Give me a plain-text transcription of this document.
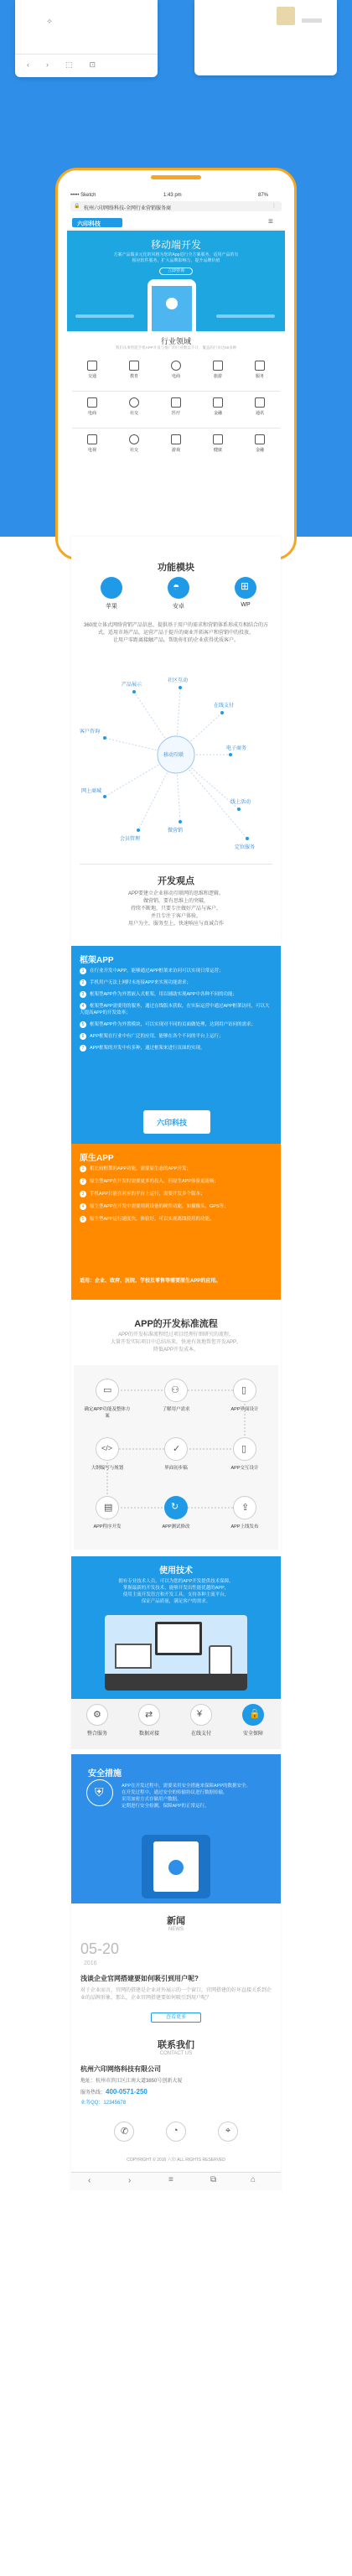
⟡
‹›⬚⊡
••••• Sketch	1:43 pm	87%
🔒 杭州六印网络科技-全网行业营销服务商	⋮
六印科技	≡
移动端开发
方案产品做多元化的风格为您的App进行全方案服务，适用产品的有
相应软件服务，扩大品牌影响力，提升品牌价值
立即咨询
行业领域
我们从事智能手机APP开发与推广的行业数以千计，覆盖的行业达50多种
交通	教育	电商	旅游	服务
电商	社交	医疗	金融	通讯
电视	社交	游戏	健康	金融
功能模块
苹果
◓
安卓
⊞
WP
360度立体式网络营销产品信息，提供基于用户的需求和营销体系形成互相结合的方式，适用市场产品，运营产品于提升的商业开拓客户和营销中的投放、
让用户零距离接触产品。帮助你们的企业获得优质客户。
产品展示
客户咨询
在线支付
移动互联
电子商务
网上商城
会员管理
微营销
线上活动
社区互动
定位服务
开发观点
APP要建立企业移动互联网的思维和逻辑。
做营销，要有思维上的突破，
持续不断地，只要专注做好产品与客户，
并且专注于客户体验，
用户为主，服务至上，快速响应与真诚合作
框架APP
1 在行业开发中APP，能够通过APP框架来访问可以实现日常运营；
2 手机用户无法上网时未连接APP来实现功能需求；
3 框架型APP作为外置嵌入式框架，用以辅助实现APP中各种不同的功能；
4 框架型APP需要用的服务，通过在线版本获取，在实际运营中通过APP框架访问，可以大大提高APP的开发效率；
5 框架型APP作为外置模块，可以实现对不同的页面做处理，达到用户访问的需求；
6 APP框架在行业中有广泛的应用，能够在各个不同的平台上运行；
7 APP框架的开发中有多种，通过框架来进行页面的实现。
六印科技
原生APP
1 相比较框架的APP功能，需要原生态的APP开发；
2 原生型APP在开发时需要更多的投入，但原生APP体验更流畅；
3 手机APP只能在对应的平台上运行，需要开发多个版本；
4 原生型APP在开发中需要用到设备的硬件功能，如摄像头、GPS等；
5 原生型APP运行速度快，体验好，可以实现离线使用的功能。
适用：企业、政府、医院、学校及零售等需要原生APP的应用。
APP的开发标准流程
APP的开发标准流程经过项目经理仔细研究的流程，
大量开发实际项目中总结出来，快速有效地帮您开发APP，
降低APP开发成本。
▭
确定APP功能及整体方案
⚇
了解用户需求
▯
APP界面设计
</>
大纲编写与规划
✓
界面初步稿
▯
APP交互设计
▤
APP程序开发
↻
APP测试修改
⇪
APP上线发布
使用技术
拥有专业技术人员，可以为您的APP开发提供技术保障。
掌握最新的开发技术，能够开发出性能优越的APP，
使用主流开发语言和开发工具，支持各种主流平台，
保证产品质量，满足客户的需求。
⚙
整合服务
⇄
数据对接
¥
在线支付
🔒
安全保障
安全措施
APP在开发过程中，需要采用安全措施来保障APP的数据安全。
在开发过程中，通过安全的传输协议进行数据传输，
采用加密方式存储用户数据，
定期进行安全检测，保障APP的正常运行。
⛨
新闻
NEWS
05-20
2016
浅谈企业官网搭建要如何吸引到用户呢?
对于企业而言，官网的搭建是企业对外展示的一个窗口，官网搭建的好坏直接关系到企业的品牌形象。那么，企业官网搭建要如何吸引到用户呢？
查看更多
联系我们
CONTACT US
杭州六印网络科技有限公司
地址：杭州市滨江区江南大道3850号创新大厦
服务热线：400-0571-250
业务QQ：12345678
✆	◔	⌖
COPYRIGHT © 2016 六印 ALL RIGHTS RESERVED
‹	›	≡	⧉	⌂
